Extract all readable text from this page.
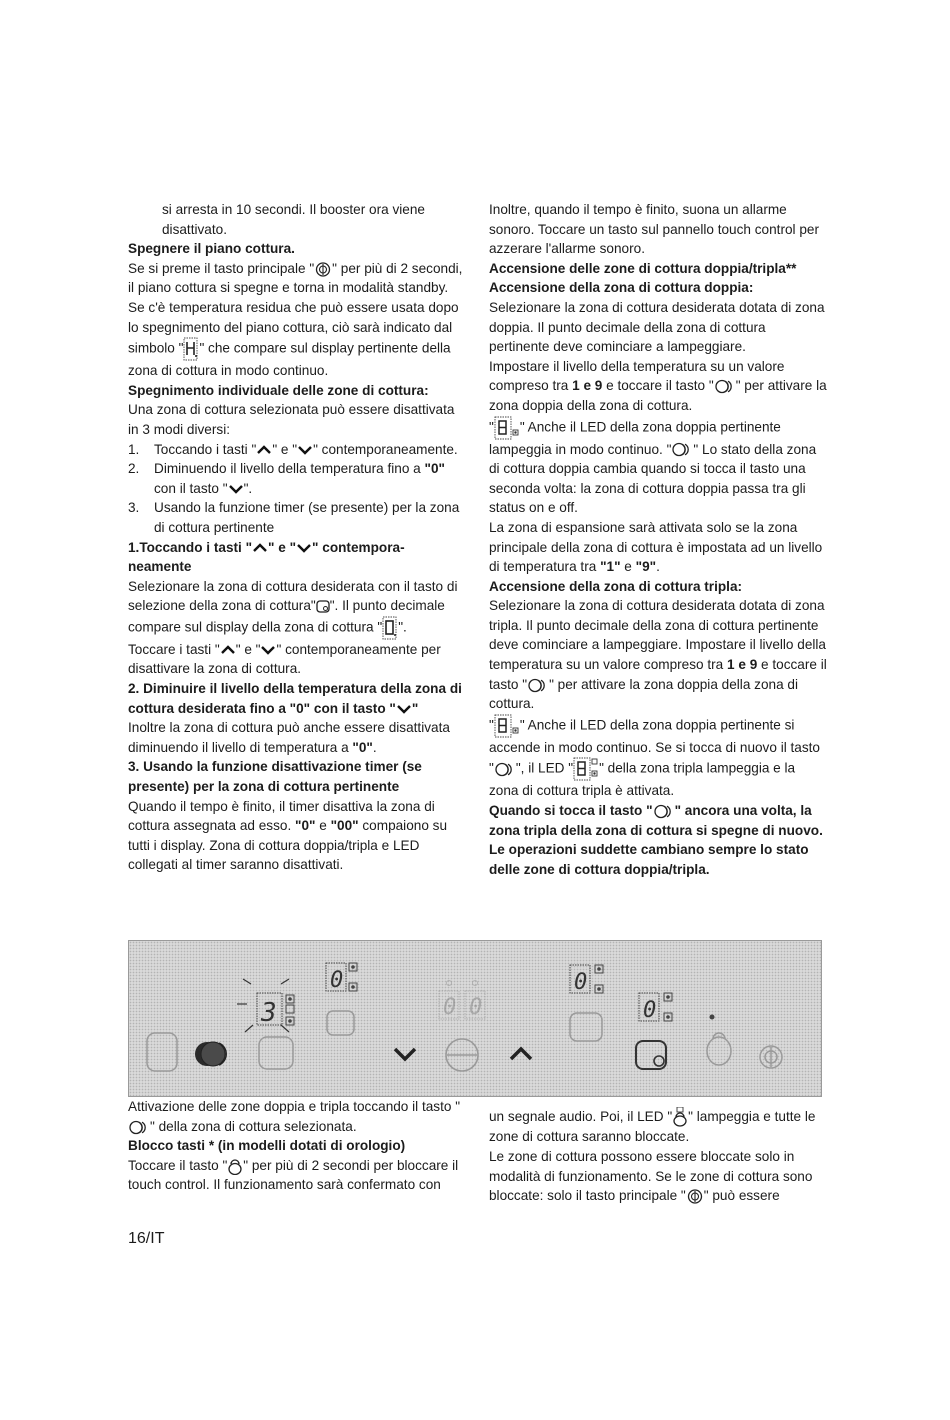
si arresta in 10 secondi. Il booster ora viene disattivato.

Spegnere il piano cottura.

Se si preme il tasto principale " " per più di 2 secondi, il piano cottura si spegne e torna in modalità standby.

Se c'è temperatura residua che può essere usata dopo lo spegnimento del piano cottura, ciò sarà indicato dal simbolo " " che compare sul display pertinente della zona di cottura in modo continuo.

Spegnimento individuale delle zone di cottura:

Una zona di cottura selezionata può essere disattivata in 3 modi diversi:

1.	Toccando i tasti " " e " " contemporaneamente.
2.	Diminuendo il livello della temperatura fino a "0" con il tasto " ".
3.	Usando la funzione timer (se presente) per la zona di cottura pertinente

1.Toccando i tasti " " e " " contempora- neamente

Selezionare la zona di cottura desiderata con il tasto di selezione della zona di cottura" ". Il punto decimale compare sul display della zona di cottura " ".

Toccare i tasti " " e " " contemporaneamente per disattivare la zona di cottura.

2. Diminuire il livello della temperatura della zona di cottura desiderata fino a "0" con il tasto " "

Inoltre la zona di cottura può anche essere disattivata diminuendo il livello di temperatura a "0".

3. Usando la funzione disattivazione timer (se presente) per la zona di cottura pertinente

Quando il tempo è finito, il timer disattiva la zona di cottura assegnata ad esso. "0" e "00" compaiono su tutti i display. Zona di cottura doppia/tripla e LED collegati al timer saranno disattivati.

Inoltre, quando il tempo è finito, suona un allarme sonoro. Toccare un tasto sul pannello touch control per azzerare l'allarme sonoro.

Accensione delle zone di cottura doppia/tripla**

Accensione della zona di cottura doppia:

Selezionare la zona di cottura desiderata dotata di zona doppia. Il punto decimale della zona di cottura pertinente deve cominciare a lampeggiare.

Impostare il livello della temperatura su un valore compreso tra 1 e 9 e toccare il tasto " " per attivare la zona doppia della zona di cottura.

" " Anche il LED della zona doppia pertinente lampeggia in modo continuo. " " Lo stato della zona di cottura doppia cambia quando si tocca il tasto una seconda volta: la zona di cottura doppia passa tra gli status on e off.

La zona di espansione sarà attivata solo se la zona principale della zona di cottura è impostata ad un livello di temperatura tra "1" e "9".

Accensione della zona di cottura tripla:

Selezionare la zona di cottura desiderata dotata di zona tripla. Il punto decimale della zona di cottura pertinente deve cominciare a lampeggiare. Impostare il livello della temperatura su un valore compreso tra 1 e 9 e toccare il tasto " " per attivare la zona doppia della zona di cottura.

" " Anche il LED della zona doppia pertinente si accende in modo continuo. Se si tocca di nuovo il tasto " ", il LED " " della zona tripla lampeggia e la zona di cottura tripla è attivata.

Quando si tocca il tasto " " ancora una volta, la zona tripla della zona di cottura si spegne di nuovo. Le operazioni suddette cambiano sempre lo stato delle zone di cottura doppia/tripla.

0
3	0 0
0
0

Attivazione delle zone doppia e tripla toccando il tasto "" della zona di cottura selezionata.

Blocco tasti * (in modelli dotati di orologio)

Toccare il tasto " " per più di 2 secondi per bloccare il touch control. Il funzionamento sarà confermato con

un segnale audio. Poi, il LED " " lampeggia e tutte le zone di cottura saranno bloccate.

Le zone di cottura possono essere bloccate solo in modalità di funzionamento. Se le zone di cottura sono bloccate: solo il tasto principale " " può essere

16/IT
